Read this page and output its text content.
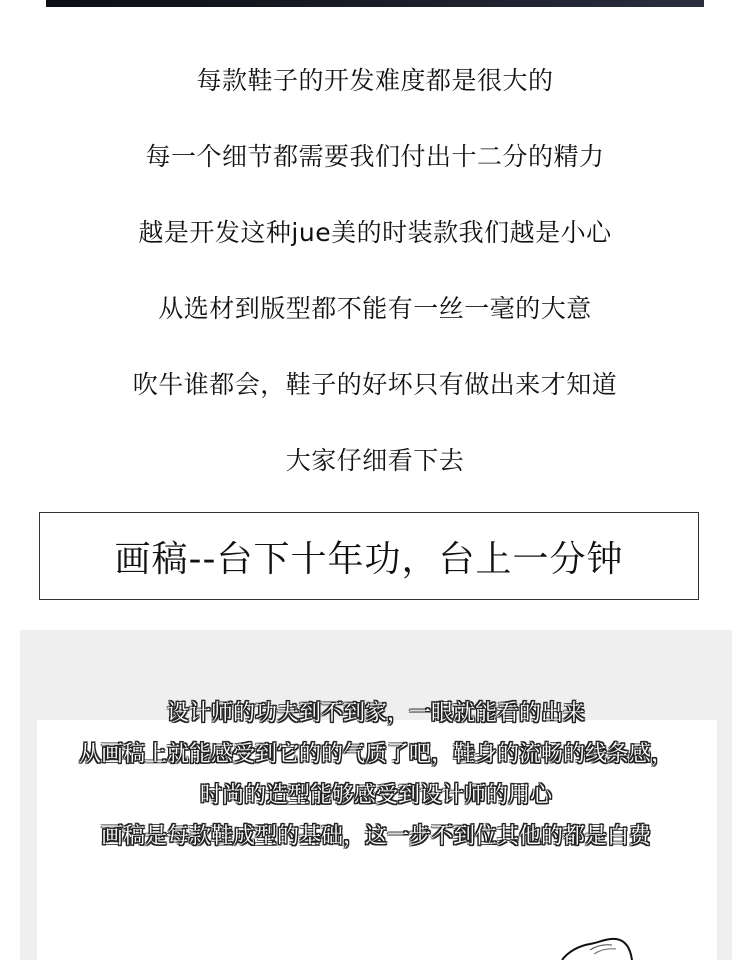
每款鞋子的开发难度都是很大的
每一个细节都需要我们付出十二分的精力
越是开发这种jue美的时装款我们越是小心
从选材到版型都不能有一丝一毫的大意
吹牛谁都会，鞋子的好坏只有做出来才知道
大家仔细看下去
画稿--台下十年功，台上一分钟
设计师的功夫到不到家，一眼就能看的出来
从画稿上就能感受到它的的气质了吧，鞋身的流畅的线条感，
时尚的造型能够感受到设计师的用心
画稿是每款鞋成型的基础，这一步不到位其他的都是白费
